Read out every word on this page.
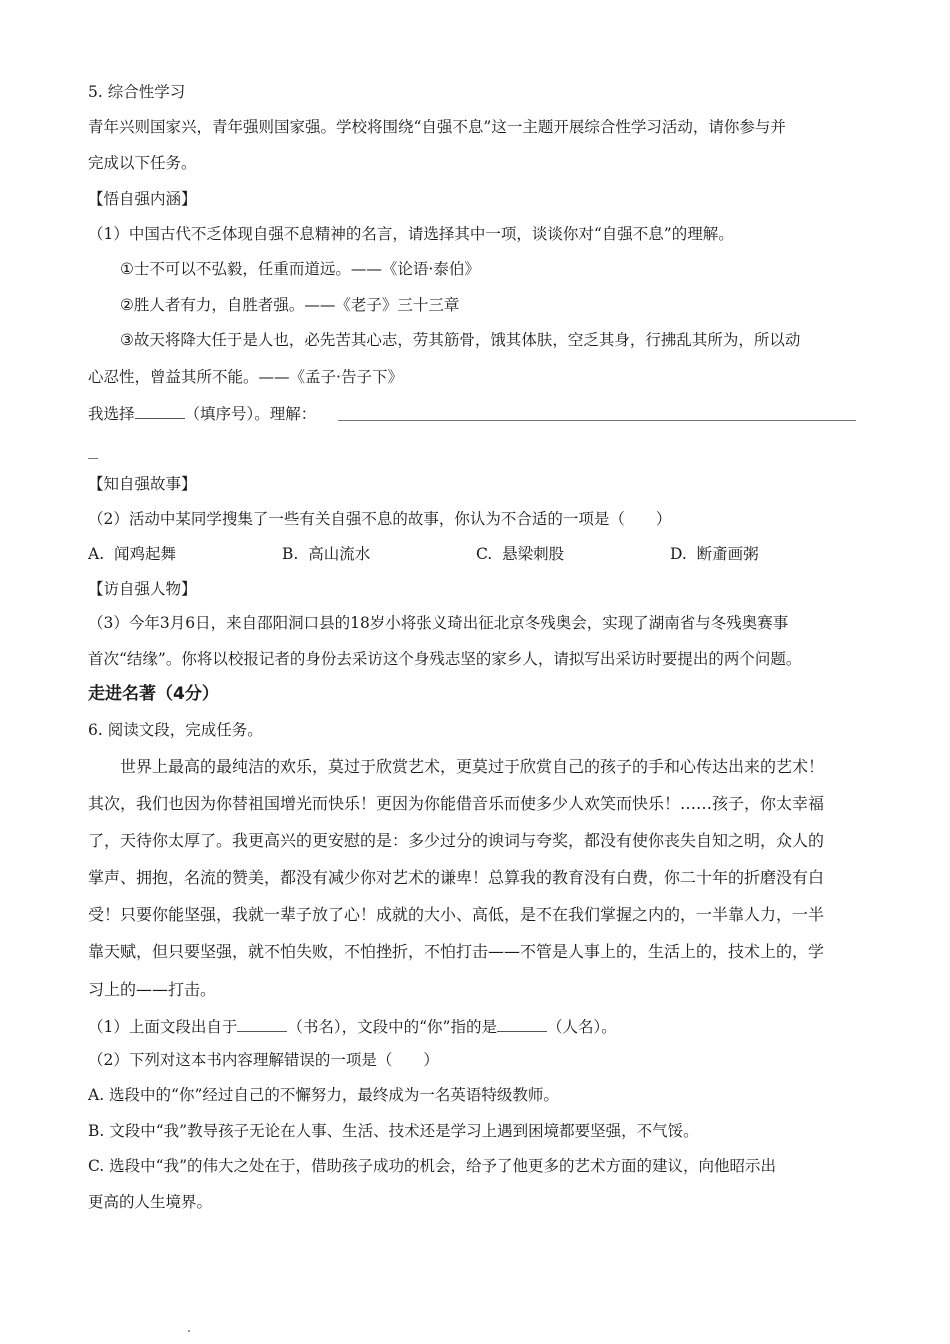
5. 综合性学习
青年兴则国家兴，青年强则国家强。学校将围绕“自强不息”这一主题开展综合性学习活动，请你参与并
完成以下任务。
【悟自强内涵】
（1）中国古代不乏体现自强不息精神的名言，请选择其中一项，谈谈你对“自强不息”的理解。
①士不可以不弘毅，任重而道远。——《论语·泰伯》
②胜人者有力，自胜者强。——《老子》三十三章
③故天将降大任于是人也，必先苦其心志，劳其筋骨，饿其体肤，空乏其身，行拂乱其所为，所以动
心忍性，曾益其所不能。——《孟子·告子下》
我选择	（填序号）。理解：
【知自强故事】
（2）活动中某同学搜集了一些有关自强不息的故事，你认为不合适的一项是（　　）
A. 闻鸡起舞	B. 高山流水	C. 悬梁刺股	D. 断齑画粥
【访自强人物】
（3）今年3月6日，来自邵阳洞口县的18岁小将张义琦出征北京冬残奥会，实现了湖南省与冬残奥赛事
首次“结缘”。你将以校报记者的身份去采访这个身残志坚的家乡人，请拟写出采访时要提出的两个问题。
走进名著（4分）
6. 阅读文段，完成任务。
世界上最高的最纯洁的欢乐，莫过于欣赏艺术，更莫过于欣赏自己的孩子的手和心传达出来的艺术！
其次，我们也因为你替祖国增光而快乐！更因为你能借音乐而使多少人欢笑而快乐！……孩子，你太幸福
了，天待你太厚了。我更高兴的更安慰的是：多少过分的谀词与夸奖，都没有使你丧失自知之明，众人的
掌声、拥抱，名流的赞美，都没有减少你对艺术的谦卑！总算我的教育没有白费，你二十年的折磨没有白
受！只要你能坚强，我就一辈子放了心！成就的大小、高低，是不在我们掌握之内的，一半靠人力，一半
靠天赋，但只要坚强，就不怕失败，不怕挫折，不怕打击——不管是人事上的，生活上的，技术上的，学
习上的——打击。
（1）上面文段出自于	（书名），文段中的“你”指的是	（人名）。
（2）下列对这本书内容理解错误的一项是（　　）
A. 选段中的“你”经过自己的不懈努力，最终成为一名英语特级教师。
B. 文段中“我”教导孩子无论在人事、生活、技术还是学习上遇到困境都要坚强，不气馁。
C. 选段中“我”的伟大之处在于，借助孩子成功的机会，给予了他更多的艺术方面的建议，向他昭示出
更高的人生境界。
